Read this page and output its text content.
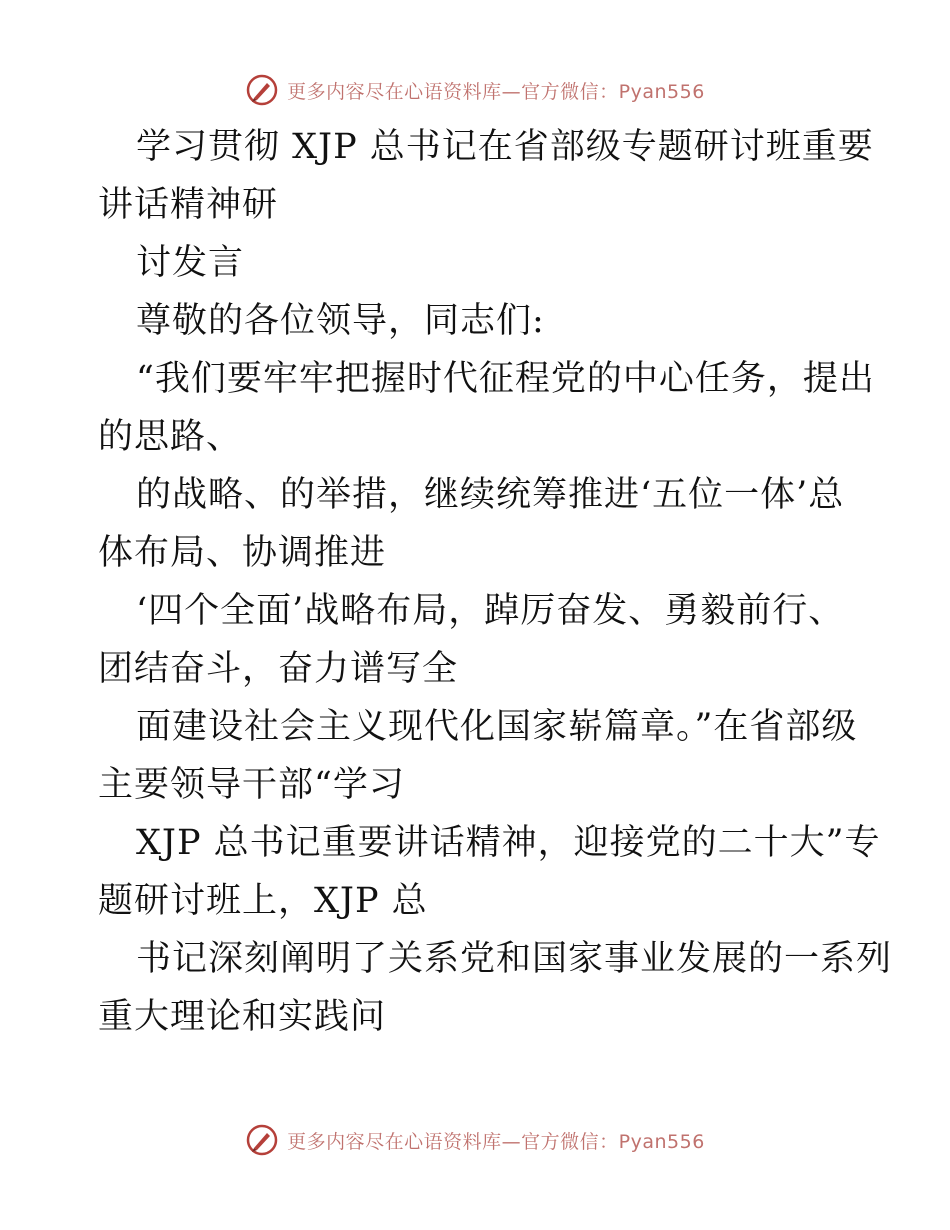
更多内容尽在心语资料库—官方微信：Pyan556
学习贯彻 XJP 总书记在省部级专题研讨班重要
讲话精神研
讨发言
尊敬的各位领导，同志们:
“我们要牢牢把握时代征程党的中心任务，提出
的思路、
的战略、的举措，继续统筹推进‘五位一体’总
体布局、协调推进
‘四个全面’战略布局，踔厉奋发、勇毅前行、
团结奋斗，奋力谱写全
面建设社会主义现代化国家崭篇章。”在省部级
主要领导干部“学习
XJP 总书记重要讲话精神，迎接党的二十大”专
题研讨班上，XJP 总
书记深刻阐明了关系党和国家事业发展的一系列
重大理论和实践问
更多内容尽在心语资料库—官方微信：Pyan556
